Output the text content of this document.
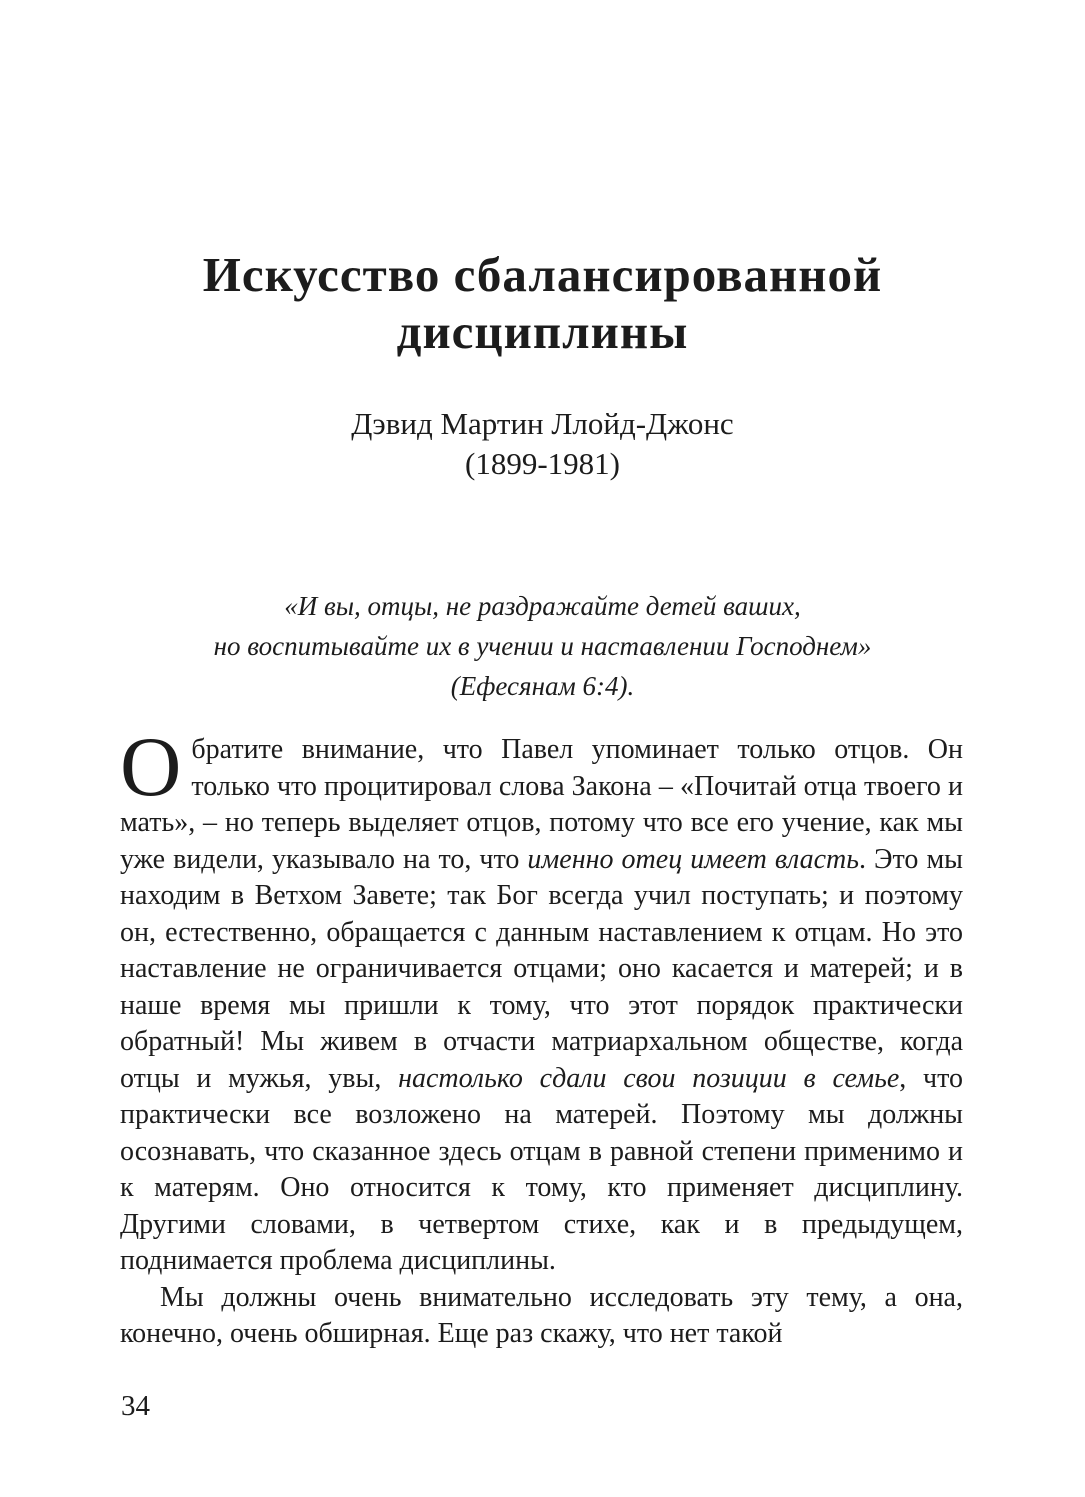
Искусство сбалансированной дисциплины
Дэвид Мартин Ллойд-Джонс
(1899-1981)
«И вы, отцы, не раздражайте детей ваших,
но воспитывайте их в учении и наставлении Господнем»
(Ефесянам 6:4).

Обратите внимание, что Павел упоминает только отцов. Он только что процитировал слова Закона – «Почитай отца твоего и мать», – но теперь выделяет отцов, потому что все его учение, как мы уже видели, указывало на то, что именно отец имеет власть. Это мы находим в Ветхом Завете; так Бог всегда учил поступать; и поэтому он, естественно, обращается с данным наставлением к отцам. Но это наставление не ограничивается отцами; оно касается и матерей; и в наше время мы пришли к тому, что этот порядок практически обратный! Мы живем в отчасти матриархальном обществе, когда отцы и мужья, увы, настолько сдали свои позиции в семье, что практически все возложено на матерей. Поэтому мы должны осознавать, что сказанное здесь отцам в равной степени применимо и к матерям. Оно относится к тому, кто применяет дисциплину. Другими словами, в четвертом стихе, как и в предыдущем, поднимается проблема дисциплины.

Мы должны очень внимательно исследовать эту тему, а она, конечно, очень обширная. Еще раз скажу, что нет такой

34
